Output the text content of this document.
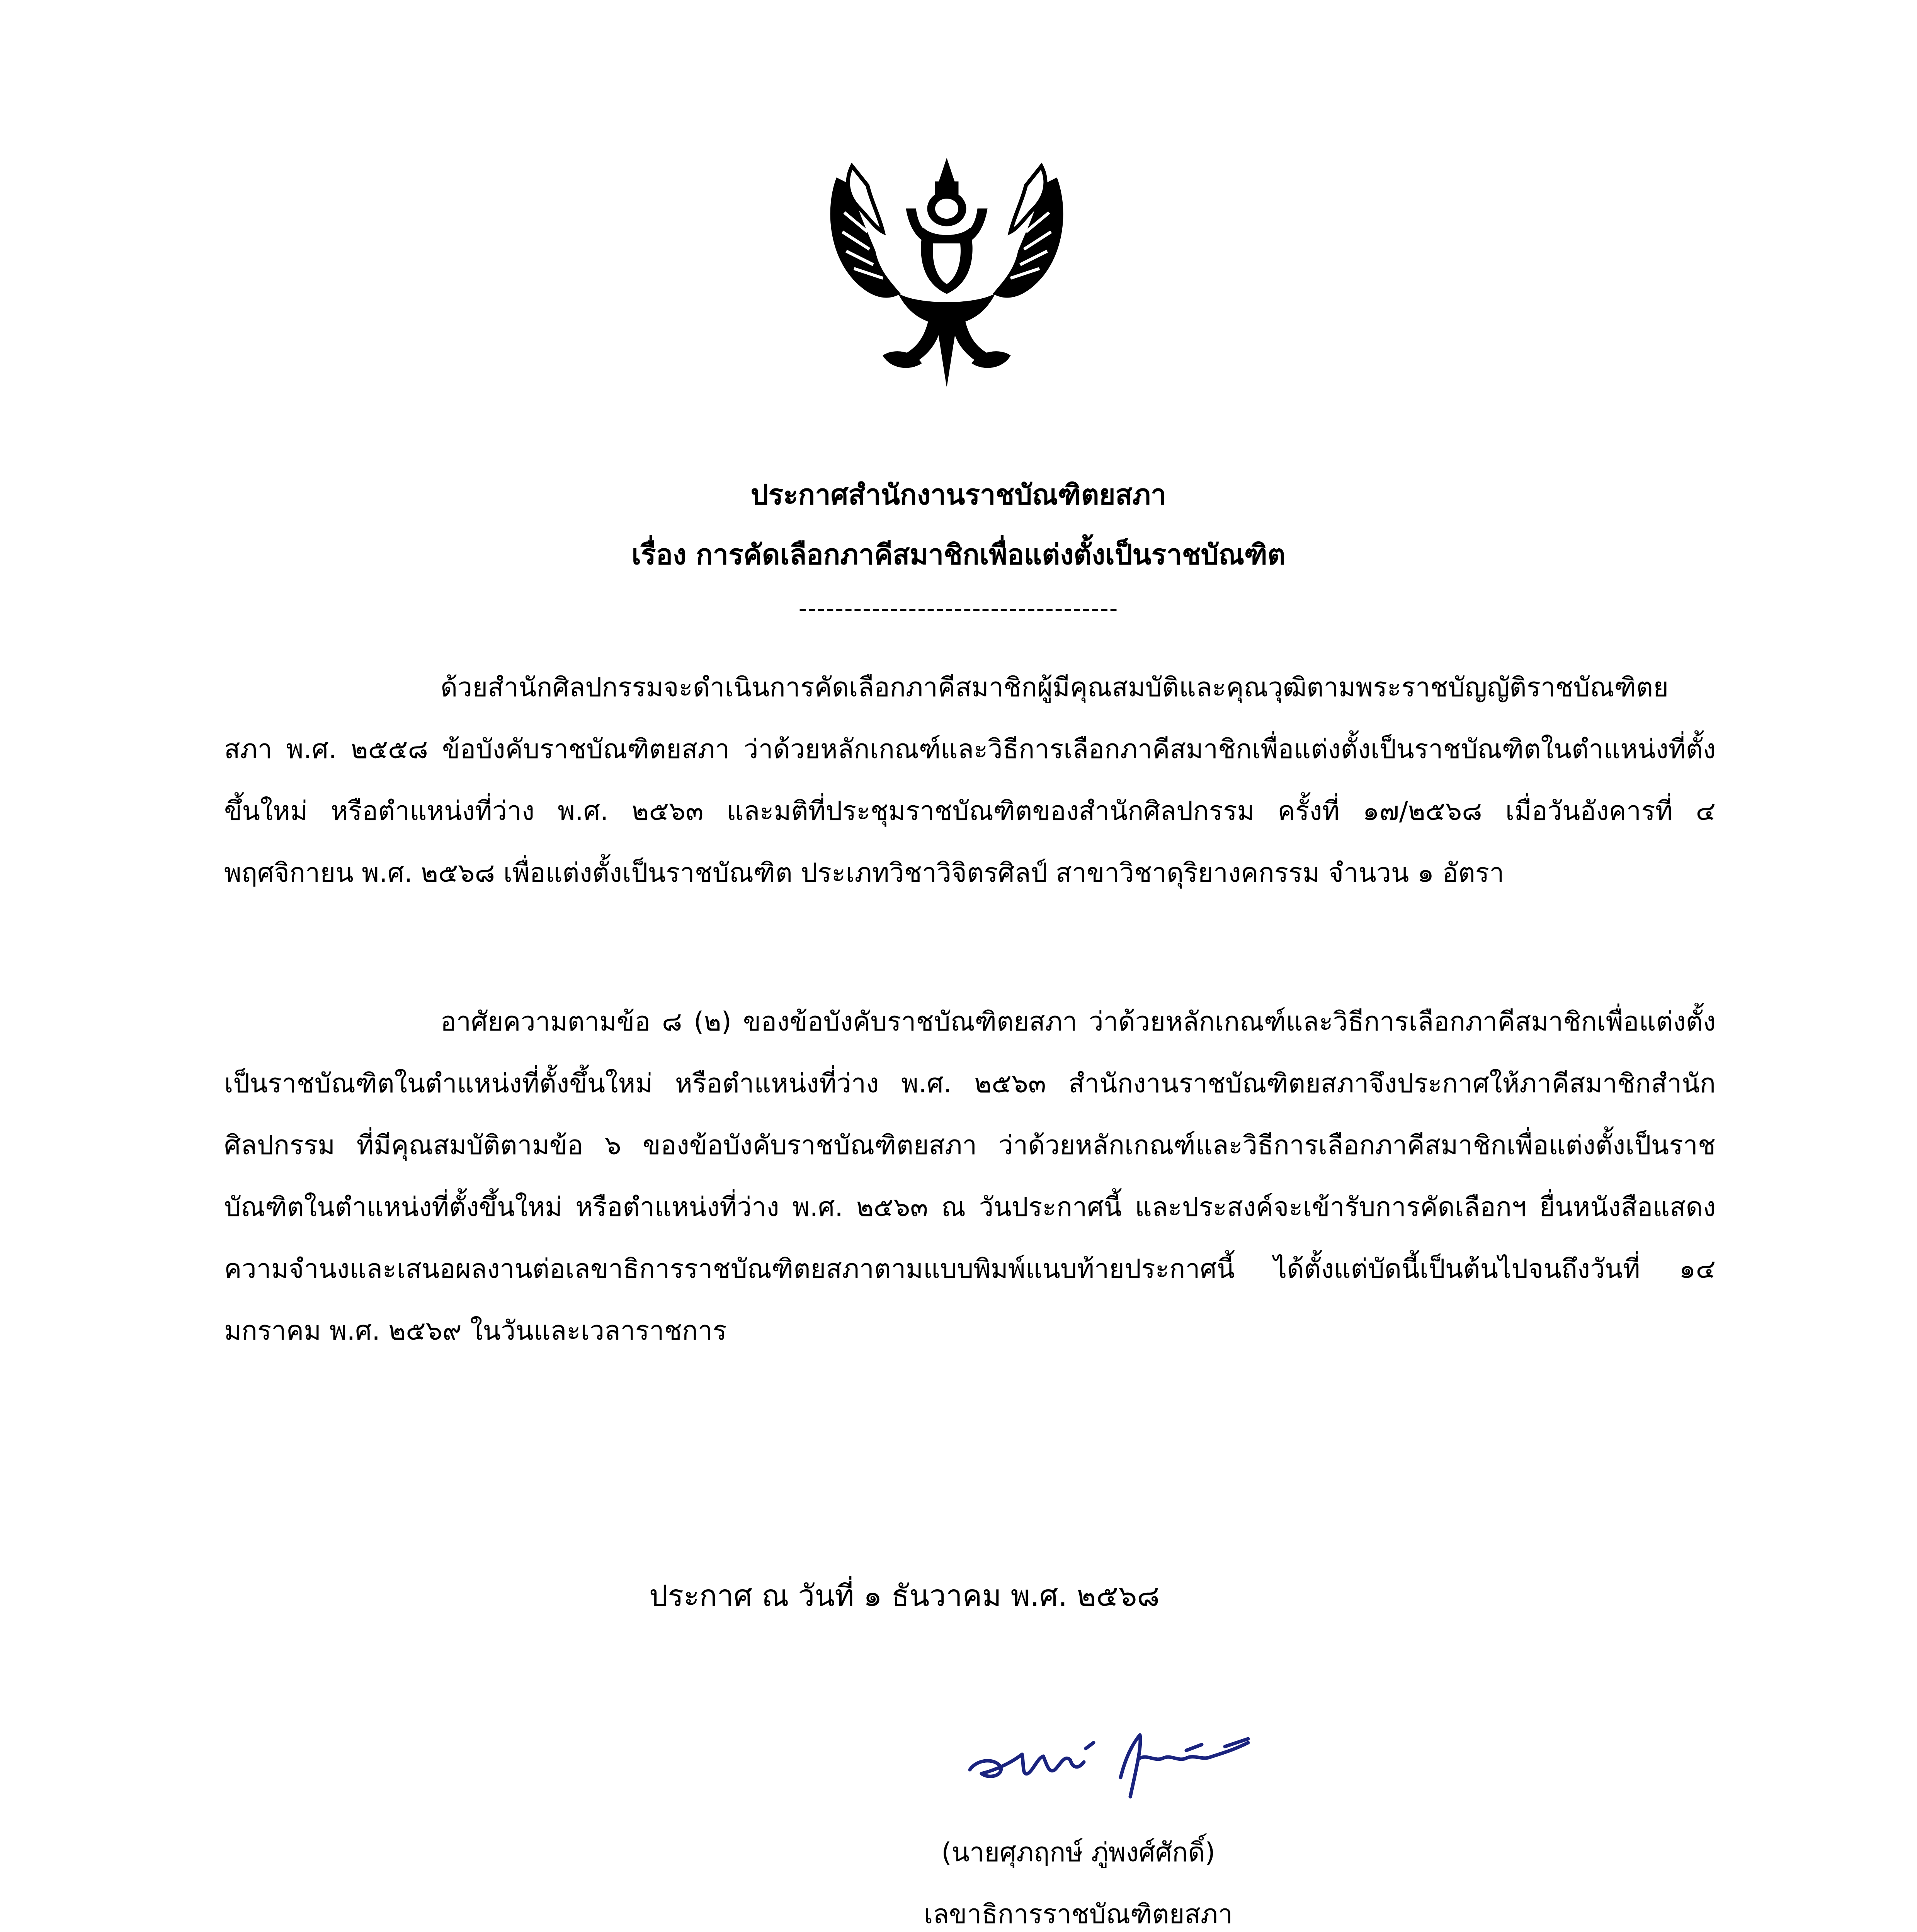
ประกาศสำนักงานราชบัณฑิตยสภา
เรื่อง การคัดเลือกภาคีสมาชิกเพื่อแต่งตั้งเป็นราชบัณฑิต
-----------------------------------
ด้วยสำนักศิลปกรรมจะดำเนินการคัดเลือกภาคีสมาชิกผู้มีคุณสมบัติและคุณวุฒิตามพระราชบัญญัติราชบัณฑิตยสภา พ.ศ. ๒๕๕๘ ข้อบังคับราชบัณฑิตยสภา ว่าด้วยหลักเกณฑ์และวิธีการเลือกภาคีสมาชิกเพื่อแต่งตั้งเป็นราชบัณฑิตในตำแหน่งที่ตั้งขึ้นใหม่ หรือตำแหน่งที่ว่าง พ.ศ. ๒๕๖๓ และมติที่ประชุมราชบัณฑิตของสำนักศิลปกรรม ครั้งที่ ๑๗/๒๕๖๘ เมื่อวันอังคารที่ ๔ พฤศจิกายน พ.ศ. ๒๕๖๘ เพื่อแต่งตั้งเป็นราชบัณฑิต ประเภทวิชาวิจิตรศิลป์ สาขาวิชาดุริยางคกรรม จำนวน ๑ อัตรา
อาศัยความตามข้อ ๘ (๒) ของข้อบังคับราชบัณฑิตยสภา ว่าด้วยหลักเกณฑ์และวิธีการเลือกภาคีสมาชิกเพื่อแต่งตั้งเป็นราชบัณฑิตในตำแหน่งที่ตั้งขึ้นใหม่ หรือตำแหน่งที่ว่าง พ.ศ. ๒๕๖๓ สำนักงานราชบัณฑิตยสภาจึงประกาศให้ภาคีสมาชิกสำนักศิลปกรรม ที่มีคุณสมบัติตามข้อ ๖ ของข้อบังคับราชบัณฑิตยสภา ว่าด้วยหลักเกณฑ์และวิธีการเลือกภาคีสมาชิกเพื่อแต่งตั้งเป็นราชบัณฑิตในตำแหน่งที่ตั้งขึ้นใหม่ หรือตำแหน่งที่ว่าง พ.ศ. ๒๕๖๓ ณ วันประกาศนี้ และประสงค์จะเข้ารับการคัดเลือกฯ ยื่นหนังสือแสดงความจำนงและเสนอผลงานต่อเลขาธิการราชบัณฑิตยสภาตามแบบพิมพ์แนบท้ายประกาศนี้ ได้ตั้งแต่บัดนี้เป็นต้นไปจนถึงวันที่ ๑๔ มกราคม พ.ศ. ๒๕๖๙ ในวันและเวลาราชการ
ประกาศ ณ วันที่ ๑ ธันวาคม พ.ศ. ๒๕๖๘
(นายศุภฤกษ์ ภู่พงศ์ศักดิ์)
เลขาธิการราชบัณฑิตยสภา
